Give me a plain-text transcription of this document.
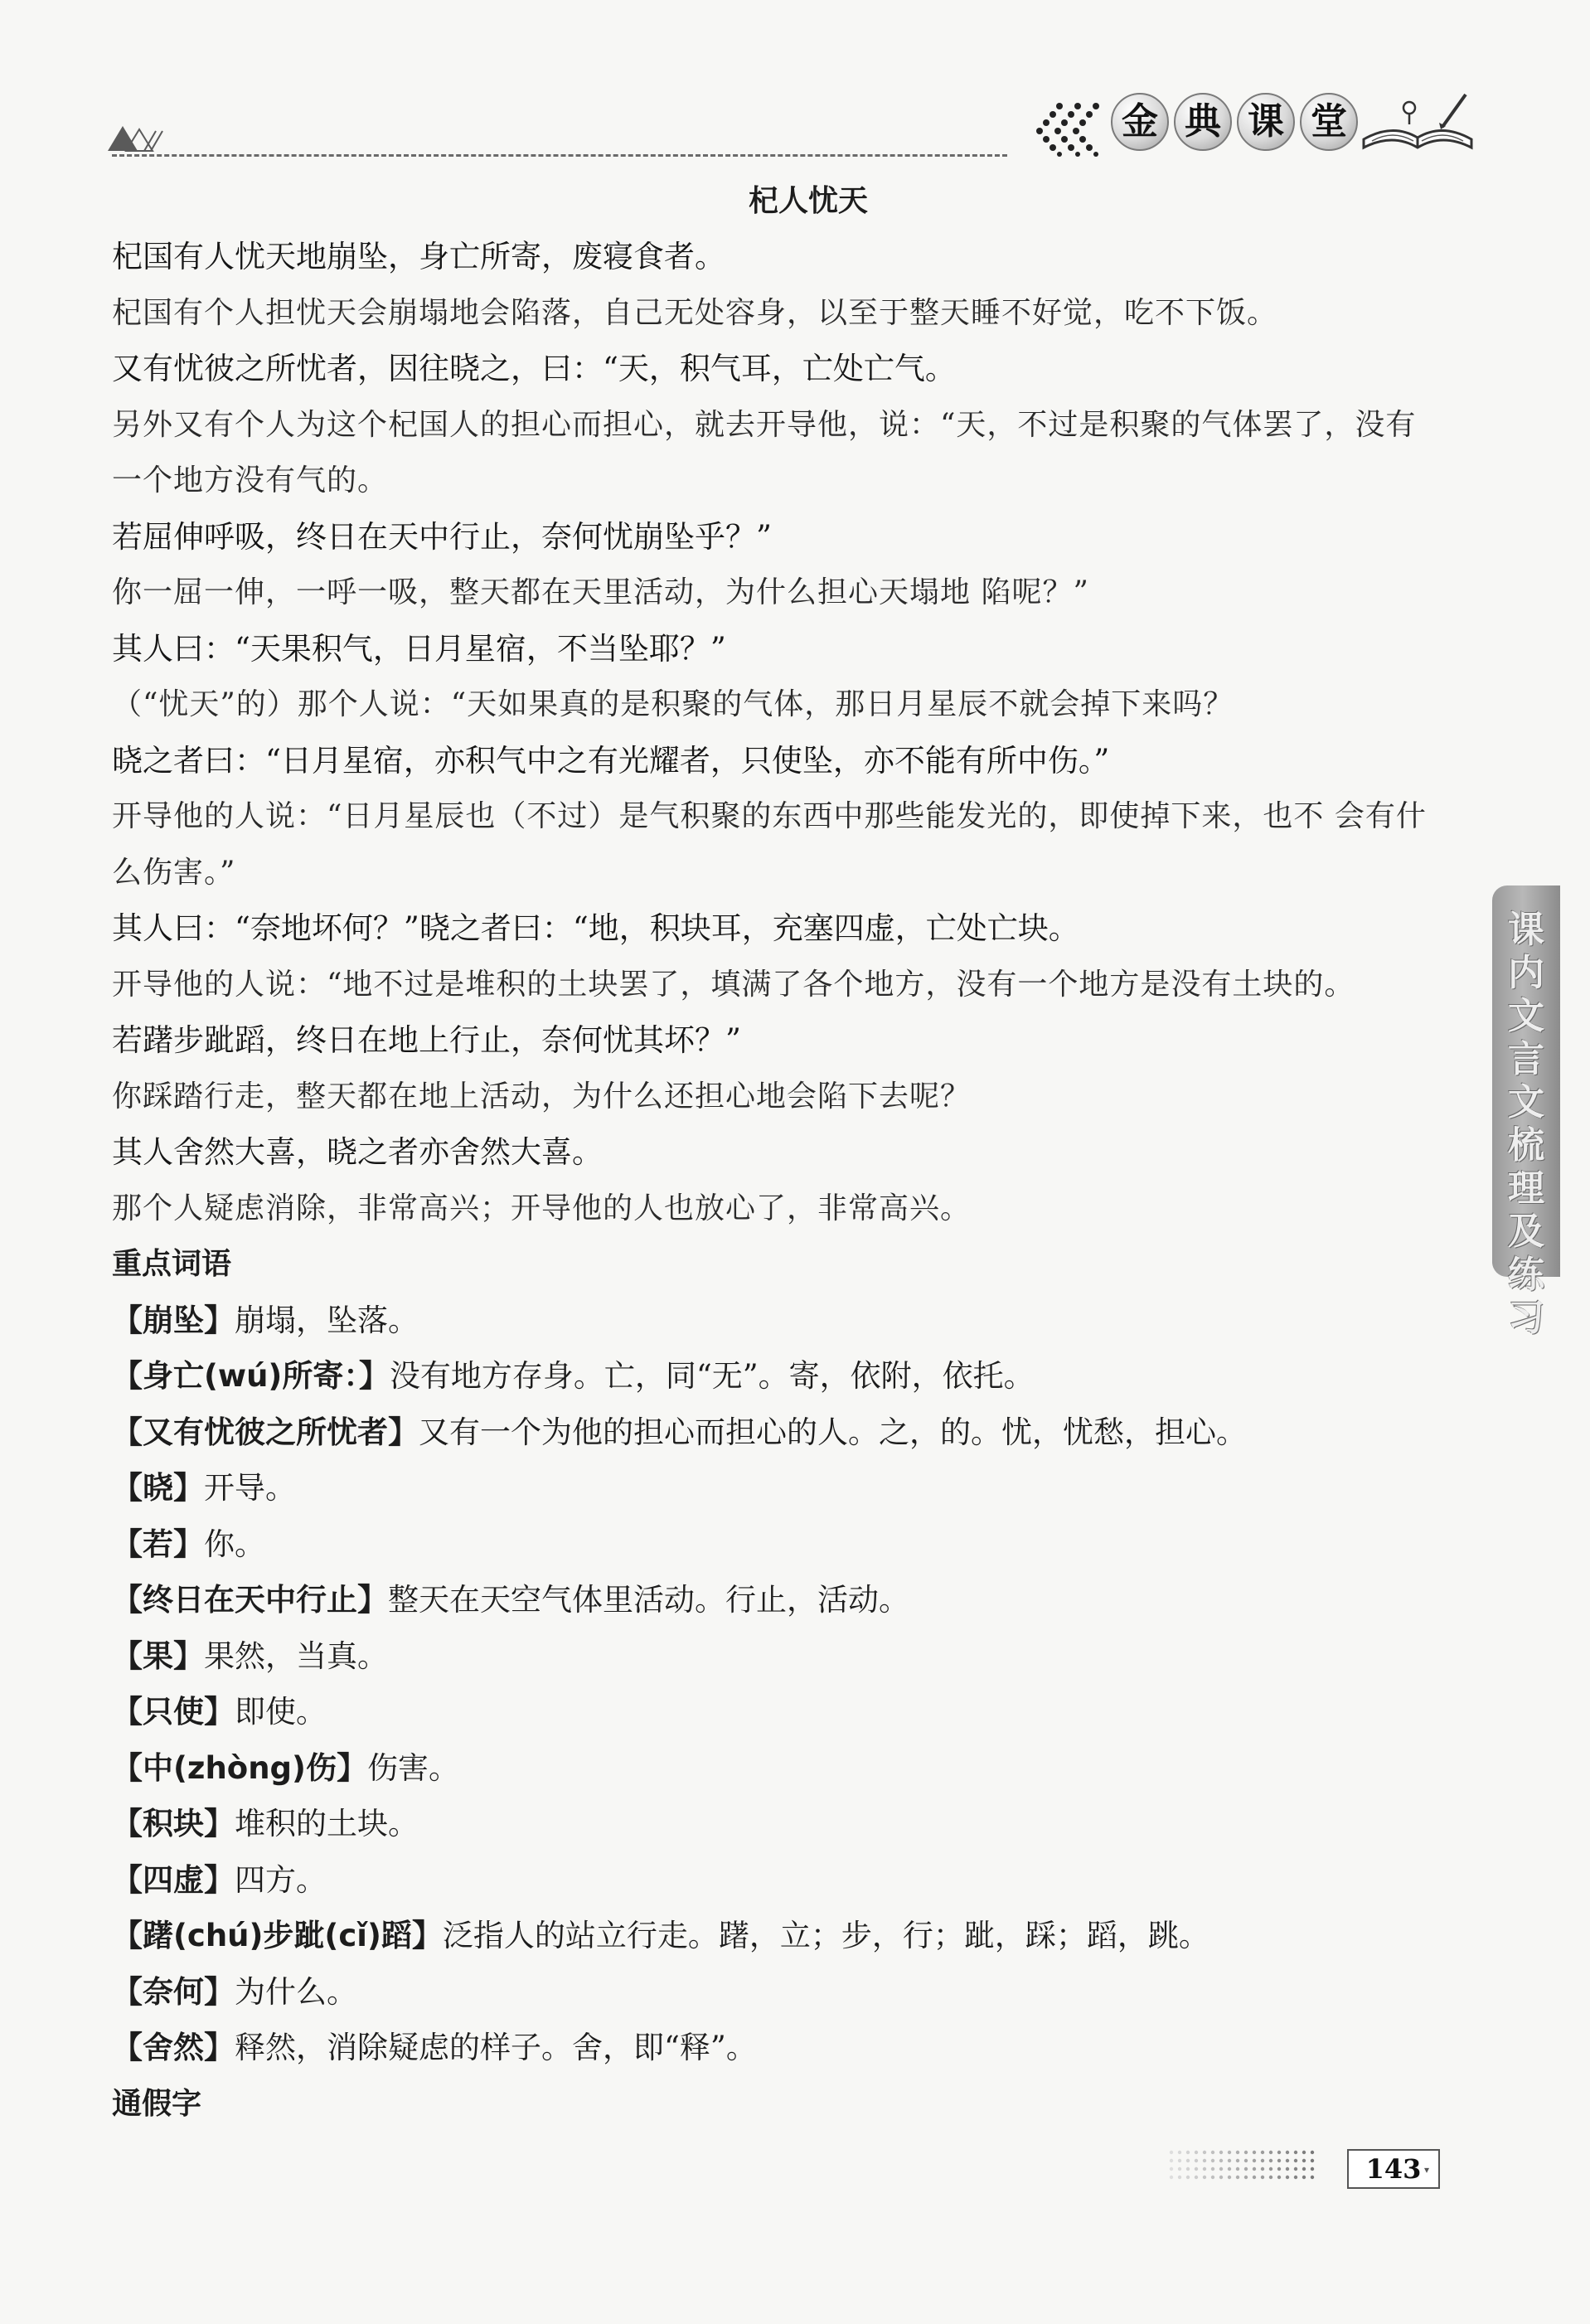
金 典 课 堂
课内文言文梳理及练习
杞人忧天
杞国有人忧天地崩坠，身亡所寄，废寝食者。
杞国有个人担忧天会崩塌地会陷落，自己无处容身，以至于整天睡不好觉，吃不下饭。
又有忧彼之所忧者，因往晓之，曰：“天，积气耳，亡处亡气。
另外又有个人为这个杞国人的担心而担心，就去开导他，说：“天，不过是积聚的气体罢了，没有
一个地方没有气的。
若屈伸呼吸，终日在天中行止，奈何忧崩坠乎？”
你一屈一伸，一呼一吸，整天都在天里活动，为什么担心天塌地 陷呢？”
其人曰：“天果积气，日月星宿，不当坠耶？”
（“忧天”的）那个人说：“天如果真的是积聚的气体，那日月星辰不就会掉下来吗？
晓之者曰：“日月星宿，亦积气中之有光耀者，只使坠，亦不能有所中伤。”
开导他的人说：“日月星辰也（不过）是气积聚的东西中那些能发光的，即使掉下来，也不 会有什
么伤害。”
其人曰：“奈地坏何？”晓之者曰：“地，积块耳，充塞四虚，亡处亡块。
开导他的人说：“地不过是堆积的土块罢了，填满了各个地方，没有一个地方是没有土块的。
若躇步跐蹈，终日在地上行止，奈何忧其坏？”
你踩踏行走，整天都在地上活动，为什么还担心地会陷下去呢？
其人舍然大喜，晓之者亦舍然大喜。
那个人疑虑消除，非常高兴；开导他的人也放心了，非常高兴。
重点词语
【崩坠】崩塌，坠落。
【身亡(wú)所寄：】没有地方存身。亡，同“无”。寄，依附，依托。
【又有忧彼之所忧者】又有一个为他的担心而担心的人。之，的。忧，忧愁，担心。
【晓】开导。
【若】你。
【终日在天中行止】整天在天空气体里活动。行止，活动。
【果】果然，当真。
【只使】即使。
【中(zhòng)伤】伤害。
【积块】堆积的土块。
【四虚】四方。
【躇(chú)步跐(cǐ)蹈】泛指人的站立行走。躇，立；步，行；跐，踩；蹈，跳。
【奈何】为什么。
【舍然】释然，消除疑虑的样子。舍，即“释”。
通假字
143 ▾
